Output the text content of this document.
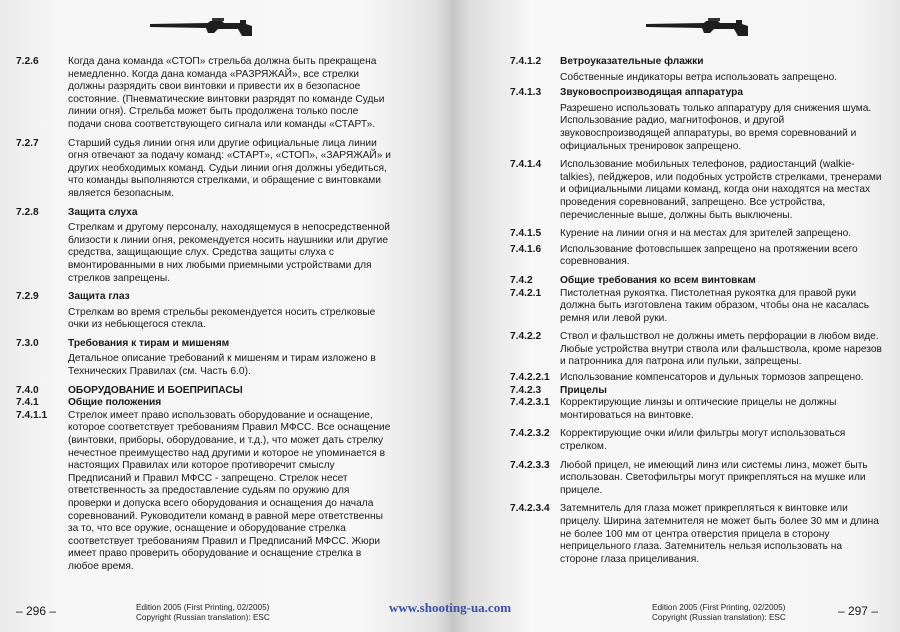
7.2.6	Когда дана команда «СТОП» стрельба должна быть прекращена немедленно. Когда дана команда «РАЗРЯЖАЙ», все стрелки должны разрядить свои винтовки и привести их в безопасное состояние. (Пневматические винтовки разрядят по команде Судьи линии огня). Стрельба может быть продолжена только после подачи снова соответствующего сигнала или команды «СТАРТ».
7.2.7	Старший судья линии огня или другие официальные лица линии огня отвечают за подачу команд: «СТАРТ», «СТОП», «ЗАРЯЖАЙ» и других необходимых команд. Судьи линии огня должны убедиться, что команды выполняются стрелками, и обращение с винтовками является безопасным.
7.2.8	Защита слуха
Стрелкам и другому персоналу, находящемуся в непосредственной близости к линии огня, рекомендуется носить наушники или другие средства, защищающие слух. Средства защиты слуха с вмонтированными в них любыми приемными устройствами для стрелков запрещены.
7.2.9	Защита глаз
Стрелкам во время стрельбы рекомендуется носить стрелковые очки из небьющегося стекла.
7.3.0	Требования к тирам и мишеням
Детальное описание требований к мишеням и тирам изложено в Технических Правилах (см. Часть 6.0).
7.4.0	ОБОРУДОВАНИЕ И БОЕПРИПАСЫ
7.4.1	Общие положения
7.4.1.1	Стрелок имеет право использовать оборудование и оснащение, которое соответствует требованиям Правил МФСС. Все оснащение (винтовки, приборы, оборудование, и т.д.), что может дать стрелку нечестное преимущество над другими и которое не упоминается в настоящих Правилах или которое противоречит смыслу Предписаний и Правил МФСС - запрещено. Стрелок несет ответственность за предоставление судьям по оружию для проверки и допуска всего оборудования и оснащения до начала соревнований. Руководители команд в равной мере ответственны за то, что все оружие, оснащение и оборудование стрелка соответствует требованиям Правил и Предписаний МФСС. Жюри имеет право проверить оборудование и оснащение стрелка в любое время.
– 296 –	Edition 2005 (First Printing, 02/2005)
Copyright (Russian translation): ESC
7.4.1.2	Ветроуказательные флажки
Собственные индикаторы ветра использовать запрещено.
7.4.1.3	Звуковоспроизводящая аппаратура
Разрешено использовать только аппаратуру для снижения шума. Использование радио, магнитофонов, и другой звуковоспроизводящей аппаратуры, во время соревнований и официальных тренировок запрещено.
7.4.1.4	Использование мобильных телефонов, радиостанций (walkie-talkies), пейджеров, или подобных устройств стрелками, тренерами и официальными лицами команд, когда они находятся на местах проведения соревнований, запрещено. Все устройства, перечисленные выше, должны быть выключены.
7.4.1.5	Курение на линии огня и на местах для зрителей запрещено.
7.4.1.6	Использование фотовспышек запрещено на протяжении всего соревнования.
7.4.2	Общие требования ко всем винтовкам
7.4.2.1	Пистолетная рукоятка. Пистолетная рукоятка для правой руки должна быть изготовлена таким образом, чтобы она не касалась ремня или левой руки.
7.4.2.2	Ствол и фальшствол не должны иметь перфорации в любом виде. Любые устройства внутри ствола или фальшствола, кроме нарезов и патронника для патрона или пульки, запрещены.
7.4.2.2.1	Использование компенсаторов и дульных тормозов запрещено.
7.4.2.3	Прицелы
7.4.2.3.1	Корректирующие линзы и оптические прицелы не должны монтироваться на винтовке.
7.4.2.3.2	Корректирующие очки и/или фильтры могут использоваться стрелком.
7.4.2.3.3	Любой прицел, не имеющий линз или системы линз, может быть использован. Светофильтры могут прикрепляться на мушке или прицеле.
7.4.2.3.4	Затемнитель для глаза может прикрепляться к винтовке или прицелу. Ширина затемнителя не может быть более 30 мм и длина не более 100 мм от центра отверстия прицела в сторону неприцельного глаза. Затемнитель нельзя использовать на стороне глаза прицеливания.
Edition 2005 (First Printing, 02/2005)
Copyright (Russian translation): ESC	– 297 –
www.shooting-ua.com
